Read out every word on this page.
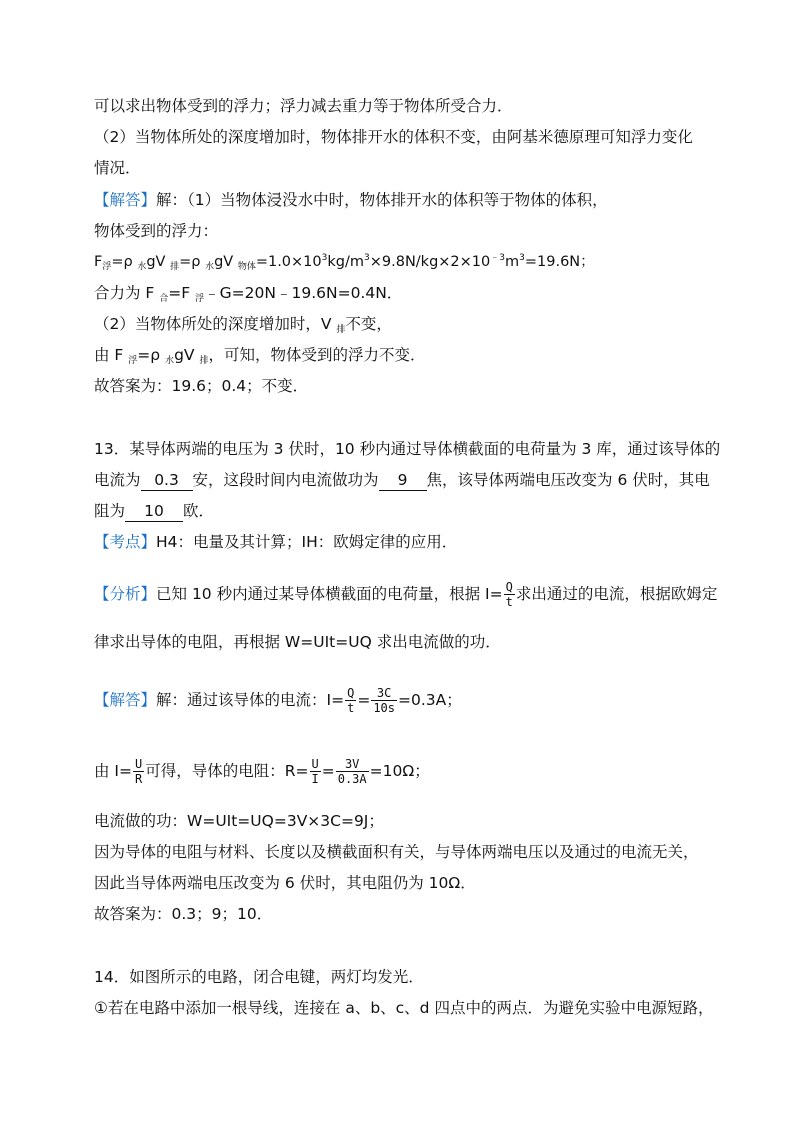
可以求出物体受到的浮力；浮力减去重力等于物体所受合力．
（2）当物体所处的深度增加时，物体排开水的体积不变，由阿基米德原理可知浮力变化
情况．
【解答】解：（1）当物体浸没水中时，物体排开水的体积等于物体的体积，
物体受到的浮力：
$F_浮=\rho$ $_水$gV $_排$=ρ $_水$gV $_{物体}=1.0\times 10^3kg/m^3\times 9.8N/kg\times 2\times 10^{﹣3}m^3=19.6N$；
合力为 F 合=F 浮﹣G=20N﹣19.6N=0.4N．
（2）当物体所处的深度增加时，V 排不变，
由 F 浮=ρ 水gV 排，可知，物体受到的浮力不变．
故答案为：19.6；0.4；不变．
13．某导体两端的电压为 3 伏时，10 秒内通过导体横截面的电荷量为 3 库，通过该导体的
电流为 0.3 安，这段时间内电流做功为 9 焦，该导体两端电压改变为 6 伏时，其电
阻为 10 欧．
【考点】H4：电量及其计算；IH：欧姆定律的应用．
【分析】已知 10 秒内通过某导体横截面的电荷量，根据 $I= \frac{Q}{t}$ 求出通过的电流，根据欧姆定
律求出导体的电阻，再根据 W=UIt=UQ 求出电流做的功．
【解答】解：通过该导体的电流：$I= \frac{Q}{t} = \frac{3C}{10s} =0.3A$；
由 $I= \frac{U}{R}$ 可得，导体的电阻：$R= \frac{U}{I} = \frac{3V}{0.3A} =10\Omega$；
电流做的功：W=UIt=UQ=3V×3C=9J；
因为导体的电阻与材料、长度以及横截面积有关，与导体两端电压以及通过的电流无关，
因此当导体两端电压改变为 6 伏时，其电阻仍为 10Ω．
故答案为：0.3；9；10．
14．如图所示的电路，闭合电键，两灯均发光．
①若在电路中添加一根导线，连接在 a、b、c、d 四点中的两点．为避免实验中电源短路，
